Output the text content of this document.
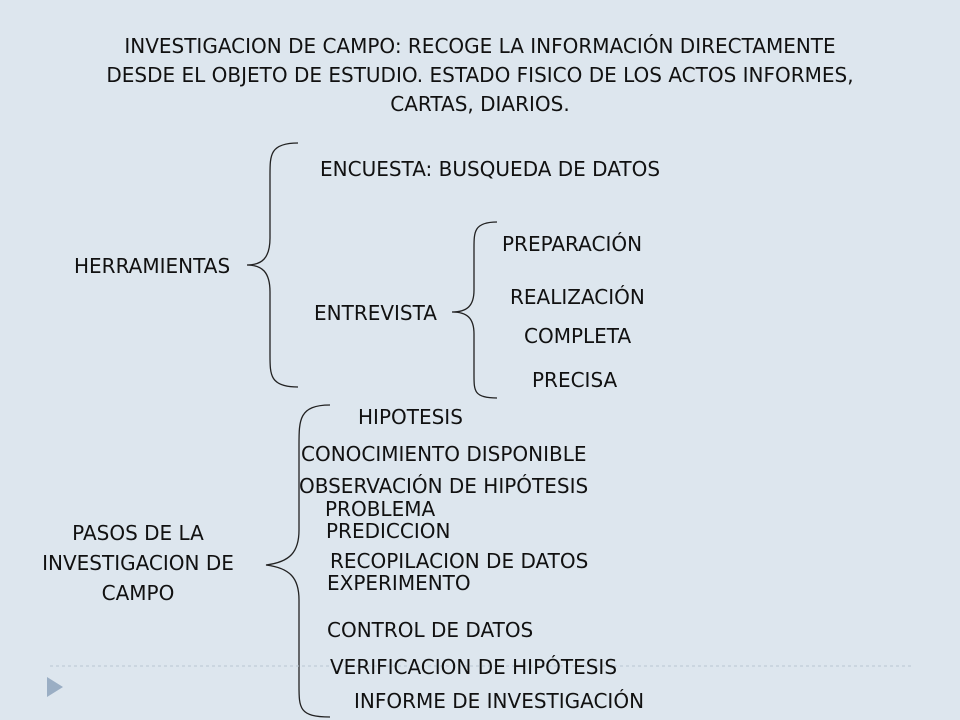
INVESTIGACION DE CAMPO: RECOGE LA INFORMACIÓN DIRECTAMENTE
DESDE EL OBJETO DE ESTUDIO. ESTADO FISICO DE LOS ACTOS INFORMES,
CARTAS, DIARIOS.
HERRAMIENTAS
ENCUESTA: BUSQUEDA DE DATOS
ENTREVISTA
PREPARACIÓN
REALIZACIÓN
COMPLETA
PRECISA
PASOS DE LA
INVESTIGACION DE
CAMPO
HIPOTESIS
CONOCIMIENTO DISPONIBLE
OBSERVACIÓN DE HIPÓTESIS
PROBLEMA
PREDICCION
RECOPILACION DE DATOS
EXPERIMENTO
CONTROL DE DATOS
VERIFICACION DE HIPÓTESIS
INFORME DE INVESTIGACIÓN
